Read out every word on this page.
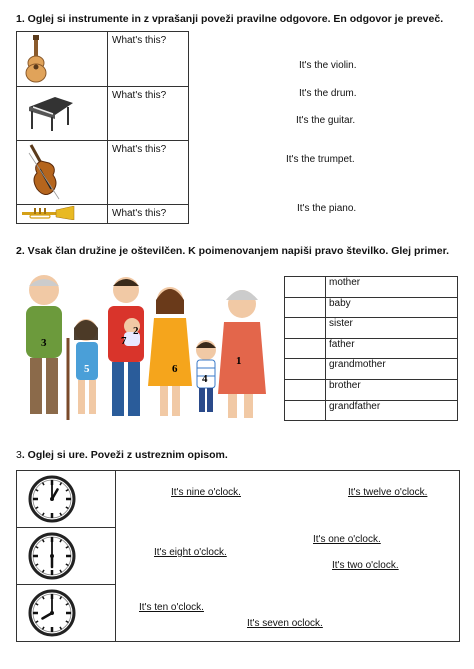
1. Oglej si instrumente in z vprašanji poveži pravilne odgovore. En odgovor je preveč.
	What's this?
	What's this?
	What's this?
	What's this?
It's the violin.
It's the drum.
It's the guitar.
It's the trumpet.
It's the piano.
2. Vsak član družine je oštevilčen. K poimenovanjem napiši pravo številko. Glej primer.
3
5
7
2
6
4
1
	mother
	baby
	sister
	father
	grandmother
	brother
	grandfather
3. Oglej si ure. Poveži z ustreznim opisom.
It's nine o'clock.	It's twelve o'clock.
It's one o'clock.
It's eight o'clock.
It's two o'clock.
It's ten o'clock.
It's seven oclock.
